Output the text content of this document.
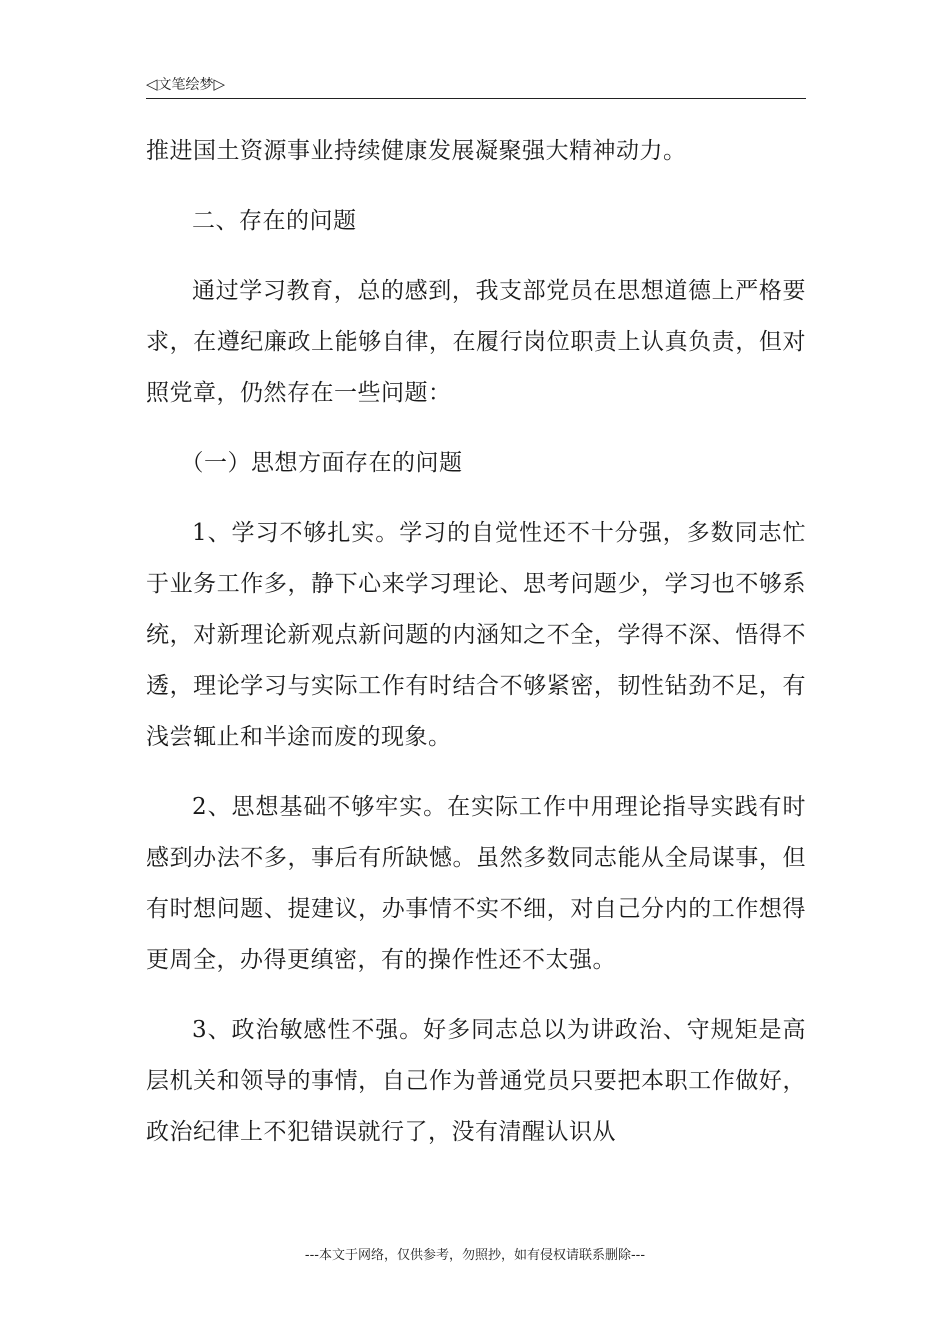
◁文笔绘梦▷

推进国土资源事业持续健康发展凝聚强大精神动力。

二、存在的问题

通过学习教育，总的感到，我支部党员在思想道德上严格要求，在遵纪廉政上能够自律，在履行岗位职责上认真负责，但对照党章，仍然存在一些问题：

（一）思想方面存在的问题

1、学习不够扎实。学习的自觉性还不十分强，多数同志忙于业务工作多，静下心来学习理论、思考问题少，学习也不够系统，对新理论新观点新问题的内涵知之不全，学得不深、悟得不透，理论学习与实际工作有时结合不够紧密，韧性钻劲不足，有浅尝辄止和半途而废的现象。

2、思想基础不够牢实。在实际工作中用理论指导实践有时感到办法不多，事后有所缺憾。虽然多数同志能从全局谋事，但有时想问题、提建议，办事情不实不细，对自己分内的工作想得更周全，办得更缜密，有的操作性还不太强。

3、政治敏感性不强。好多同志总以为讲政治、守规矩是高层机关和领导的事情，自己作为普通党员只要把本职工作做好，政治纪律上不犯错误就行了，没有清醒认识从

---本文于网络，仅供参考，勿照抄，如有侵权请联系删除---
